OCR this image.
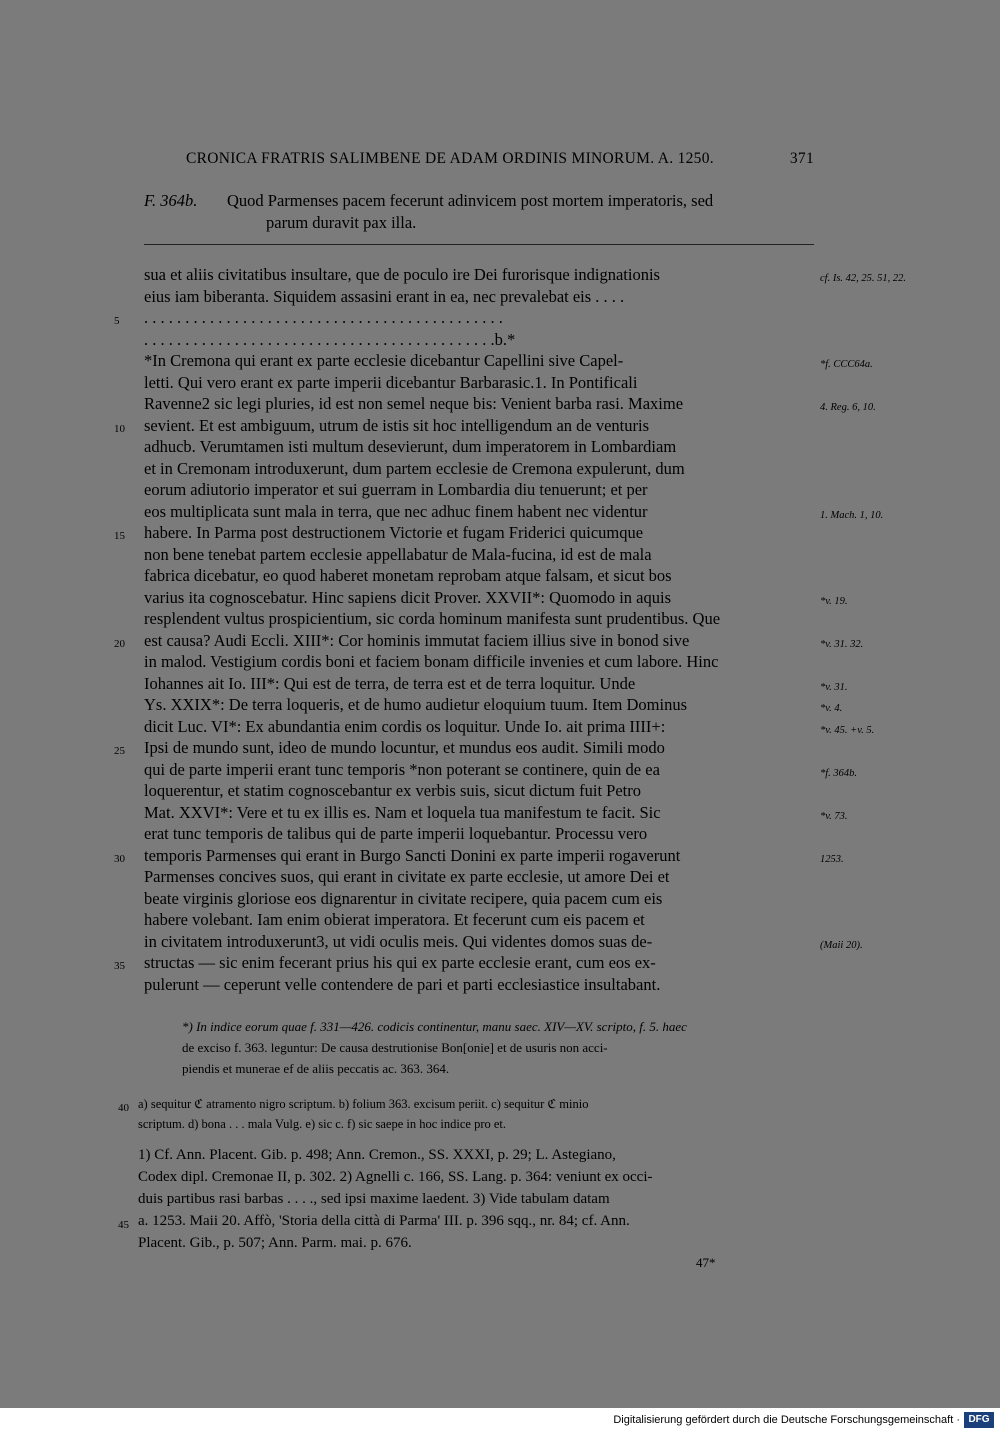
CRONICA FRATRIS SALIMBENE DE ADAM ORDINIS MINORUM. A. 1250.	371
F. 364b. Quod Parmenses pacem fecerunt adinvicem post mortem imperatoris, sed
parum duravit pax illa.
sua et aliis civitatibus insultare, que de poculo ire Dei furorisque indignationis	cf. Is. 42, 25. 51, 22.
eius iam biberanta. Siquidem assasini erant in ea, nec prevalebat eis . . . .
5	. . . . . . . . . . . . . . . . . . . . . . . . . . . . . . . . . . . . . . . . . . . .
. . . . . . . . . . . . . . . . . . . . . . . . . . . . . . . . . . . . . . . . . . .b.*
*In Cremona qui erant ex parte ecclesie dicebantur Capellini sive Capel-	*f. CCC64a.
letti. Qui vero erant ex parte imperii dicebantur Barbarasic.1. In Pontificali
Ravenne2 sic legi pluries, id est non semel neque bis: Venient barba rasi. Maxime	4. Reg. 6, 10.
10	sevient. Et est ambiguum, utrum de istis sit hoc intelligendum an de venturis
adhucb. Verumtamen isti multum desevierunt, dum imperatorem in Lombardiam
et in Cremonam introduxerunt, dum partem ecclesie de Cremona expulerunt, dum
eorum adiutorio imperator et sui guerram in Lombardia diu tenuerunt; et per
eos multiplicata sunt mala in terra, que nec adhuc finem habent nec videntur	1. Mach. 1, 10.
15	habere. In Parma post destructionem Victorie et fugam Friderici quicumque
non bene tenebat partem ecclesie appellabatur de Mala-fucina, id est de mala
fabrica dicebatur, eo quod haberet monetam reprobam atque falsam, et sicut bos
varius ita cognoscebatur. Hinc sapiens dicit Prover. XXVII*: Quomodo in aquis	*v. 19.
resplendent vultus prospicientium, sic corda hominum manifesta sunt prudentibus. Que
20	est causa? Audi Eccli. XIII*: Cor hominis immutat faciem illius sive in bonod sive	*v. 31. 32.
in malod. Vestigium cordis boni et faciem bonam difficile invenies et cum labore. Hinc
Iohannes ait Io. III*: Qui est de terra, de terra est et de terra loquitur. Unde	*v. 31.
Ys. XXIX*: De terra loqueris, et de humo audietur eloquium tuum. Item Dominus	*v. 4.
dicit Luc. VI*: Ex abundantia enim cordis os loquitur. Unde Io. ait prima IIII+:	*v. 45. +v. 5.
25	Ipsi de mundo sunt, ideo de mundo locuntur, et mundus eos audit. Simili modo
qui de parte imperii erant tunc temporis *non poterant se continere, quin de ea	*f. 364b.
loquerentur, et statim cognoscebantur ex verbis suis, sicut dictum fuit Petro
Mat. XXVI*: Vere et tu ex illis es. Nam et loquela tua manifestum te facit. Sic	*v. 73.
erat tunc temporis de talibus qui de parte imperii loquebantur. Processu vero
30	temporis Parmenses qui erant in Burgo Sancti Donini ex parte imperii rogaverunt	1253.
Parmenses concives suos, qui erant in civitate ex parte ecclesie, ut amore Dei et
beate virginis gloriose eos dignarentur in civitate recipere, quia pacem cum eis
habere volebant. Iam enim obierat imperatora. Et fecerunt cum eis pacem et
in civitatem introduxerunt3, ut vidi oculis meis. Qui videntes domos suas de-	(Maii 20).
35	structas — sic enim fecerant prius his qui ex parte ecclesie erant, cum eos ex-
pulerunt — ceperunt velle contendere de pari et parti ecclesiastice insultabant.
*) In indice eorum quae f. 331—426. codicis continentur, manu saec. XIV—XV. scripto, f. 5. haec
de exciso f. 363. leguntur: De causa destrutionise Bon[onie] et de usuris non acci-
piendis et munerae ef de aliis peccatis ac. 363. 364.
40 a) sequitur ℭ atramento nigro scriptum. b) folium 363. excisum periit. c) sequitur ℭ minio
scriptum. d) bona . . . mala Vulg. e) sic c. f) sic saepe in hoc indice pro et.
1) Cf. Ann. Placent. Gib. p. 498; Ann. Cremon., SS. XXXI, p. 29; L. Astegiano,
Codex dipl. Cremonae II, p. 302. 2) Agnelli c. 166, SS. Lang. p. 364: veniunt ex occi-
duis partibus rasi barbas . . . ., sed ipsi maxime laedent. 3) Vide tabulam datam
45 a. 1253. Maii 20. Affò, 'Storia della città di Parma' III. p. 396 sqq., nr. 84; cf. Ann.
Placent. Gib., p. 507; Ann. Parm. mai. p. 676.
47*
Digitalisierung gefördert durch die Deutsche Forschungsgemeinschaft · DFG
